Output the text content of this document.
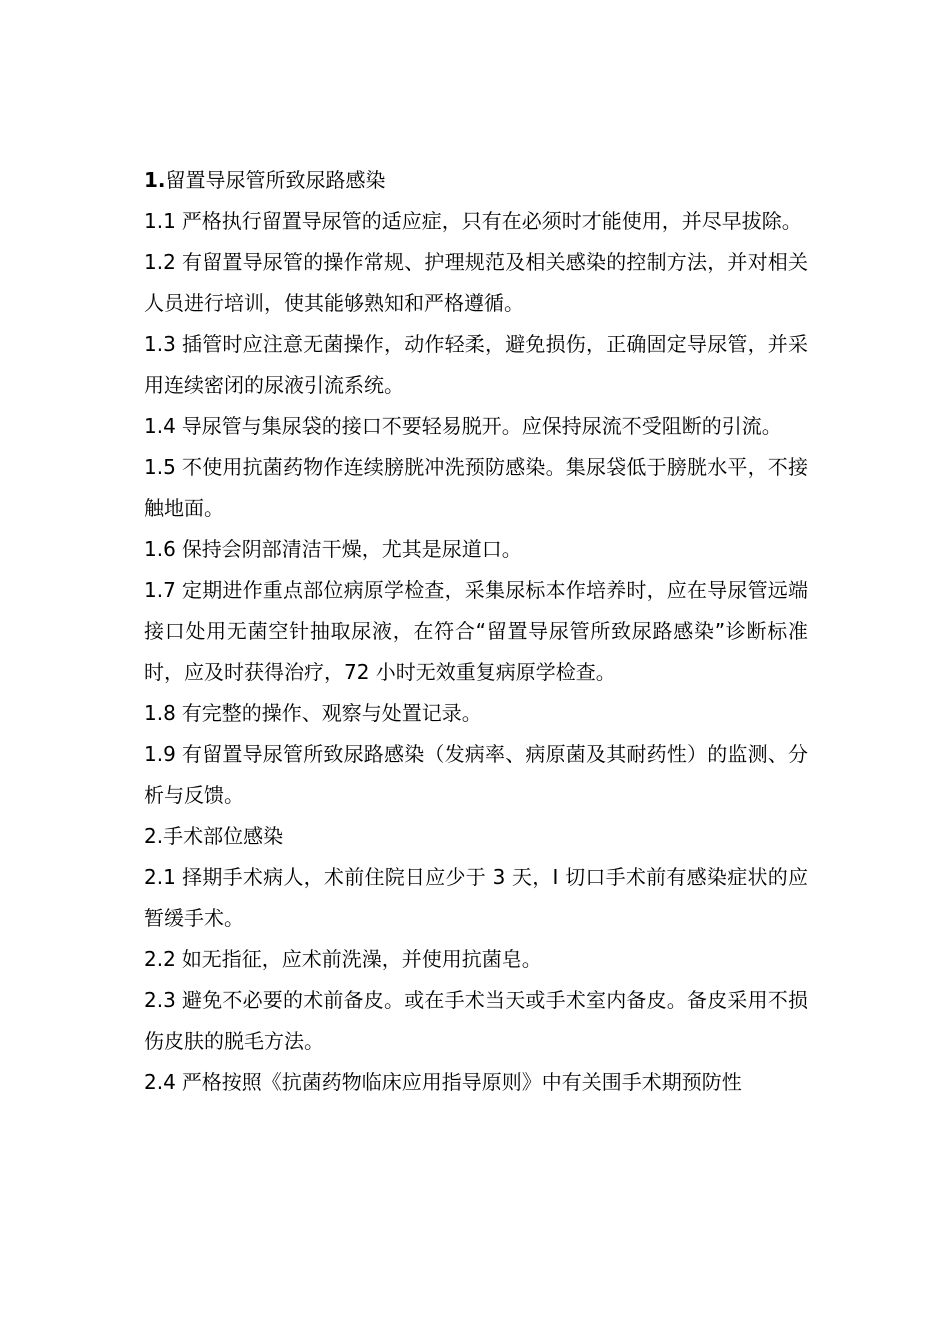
1.留置导尿管所致尿路感染

1.1 严格执行留置导尿管的适应症，只有在必须时才能使用，并尽早拔除。

1.2 有留置导尿管的操作常规、护理规范及相关感染的控制方法，并对相关人员进行培训，使其能够熟知和严格遵循。

1.3 插管时应注意无菌操作，动作轻柔，避免损伤，正确固定导尿管，并采用连续密闭的尿液引流系统。

1.4 导尿管与集尿袋的接口不要轻易脱开。应保持尿流不受阻断的引流。

1.5 不使用抗菌药物作连续膀胱冲洗预防感染。集尿袋低于膀胱水平，不接触地面。

1.6 保持会阴部清洁干燥，尤其是尿道口。

1.7 定期进作重点部位病原学检查，采集尿标本作培养时，应在导尿管远端接口处用无菌空针抽取尿液，在符合“留置导尿管所致尿路感染”诊断标准时，应及时获得治疗，72 小时无效重复病原学检查。

1.8 有完整的操作、观察与处置记录。

1.9 有留置导尿管所致尿路感染（发病率、病原菌及其耐药性）的监测、分析与反馈。

2.手术部位感染

2.1 择期手术病人，术前住院日应少于 3 天，I 切口手术前有感染症状的应暂缓手术。

2.2 如无指征，应术前洗澡，并使用抗菌皂。

2.3 避免不必要的术前备皮。或在手术当天或手术室内备皮。备皮采用不损伤皮肤的脱毛方法。

2.4 严格按照《抗菌药物临床应用指导原则》中有关围手术期预防性
